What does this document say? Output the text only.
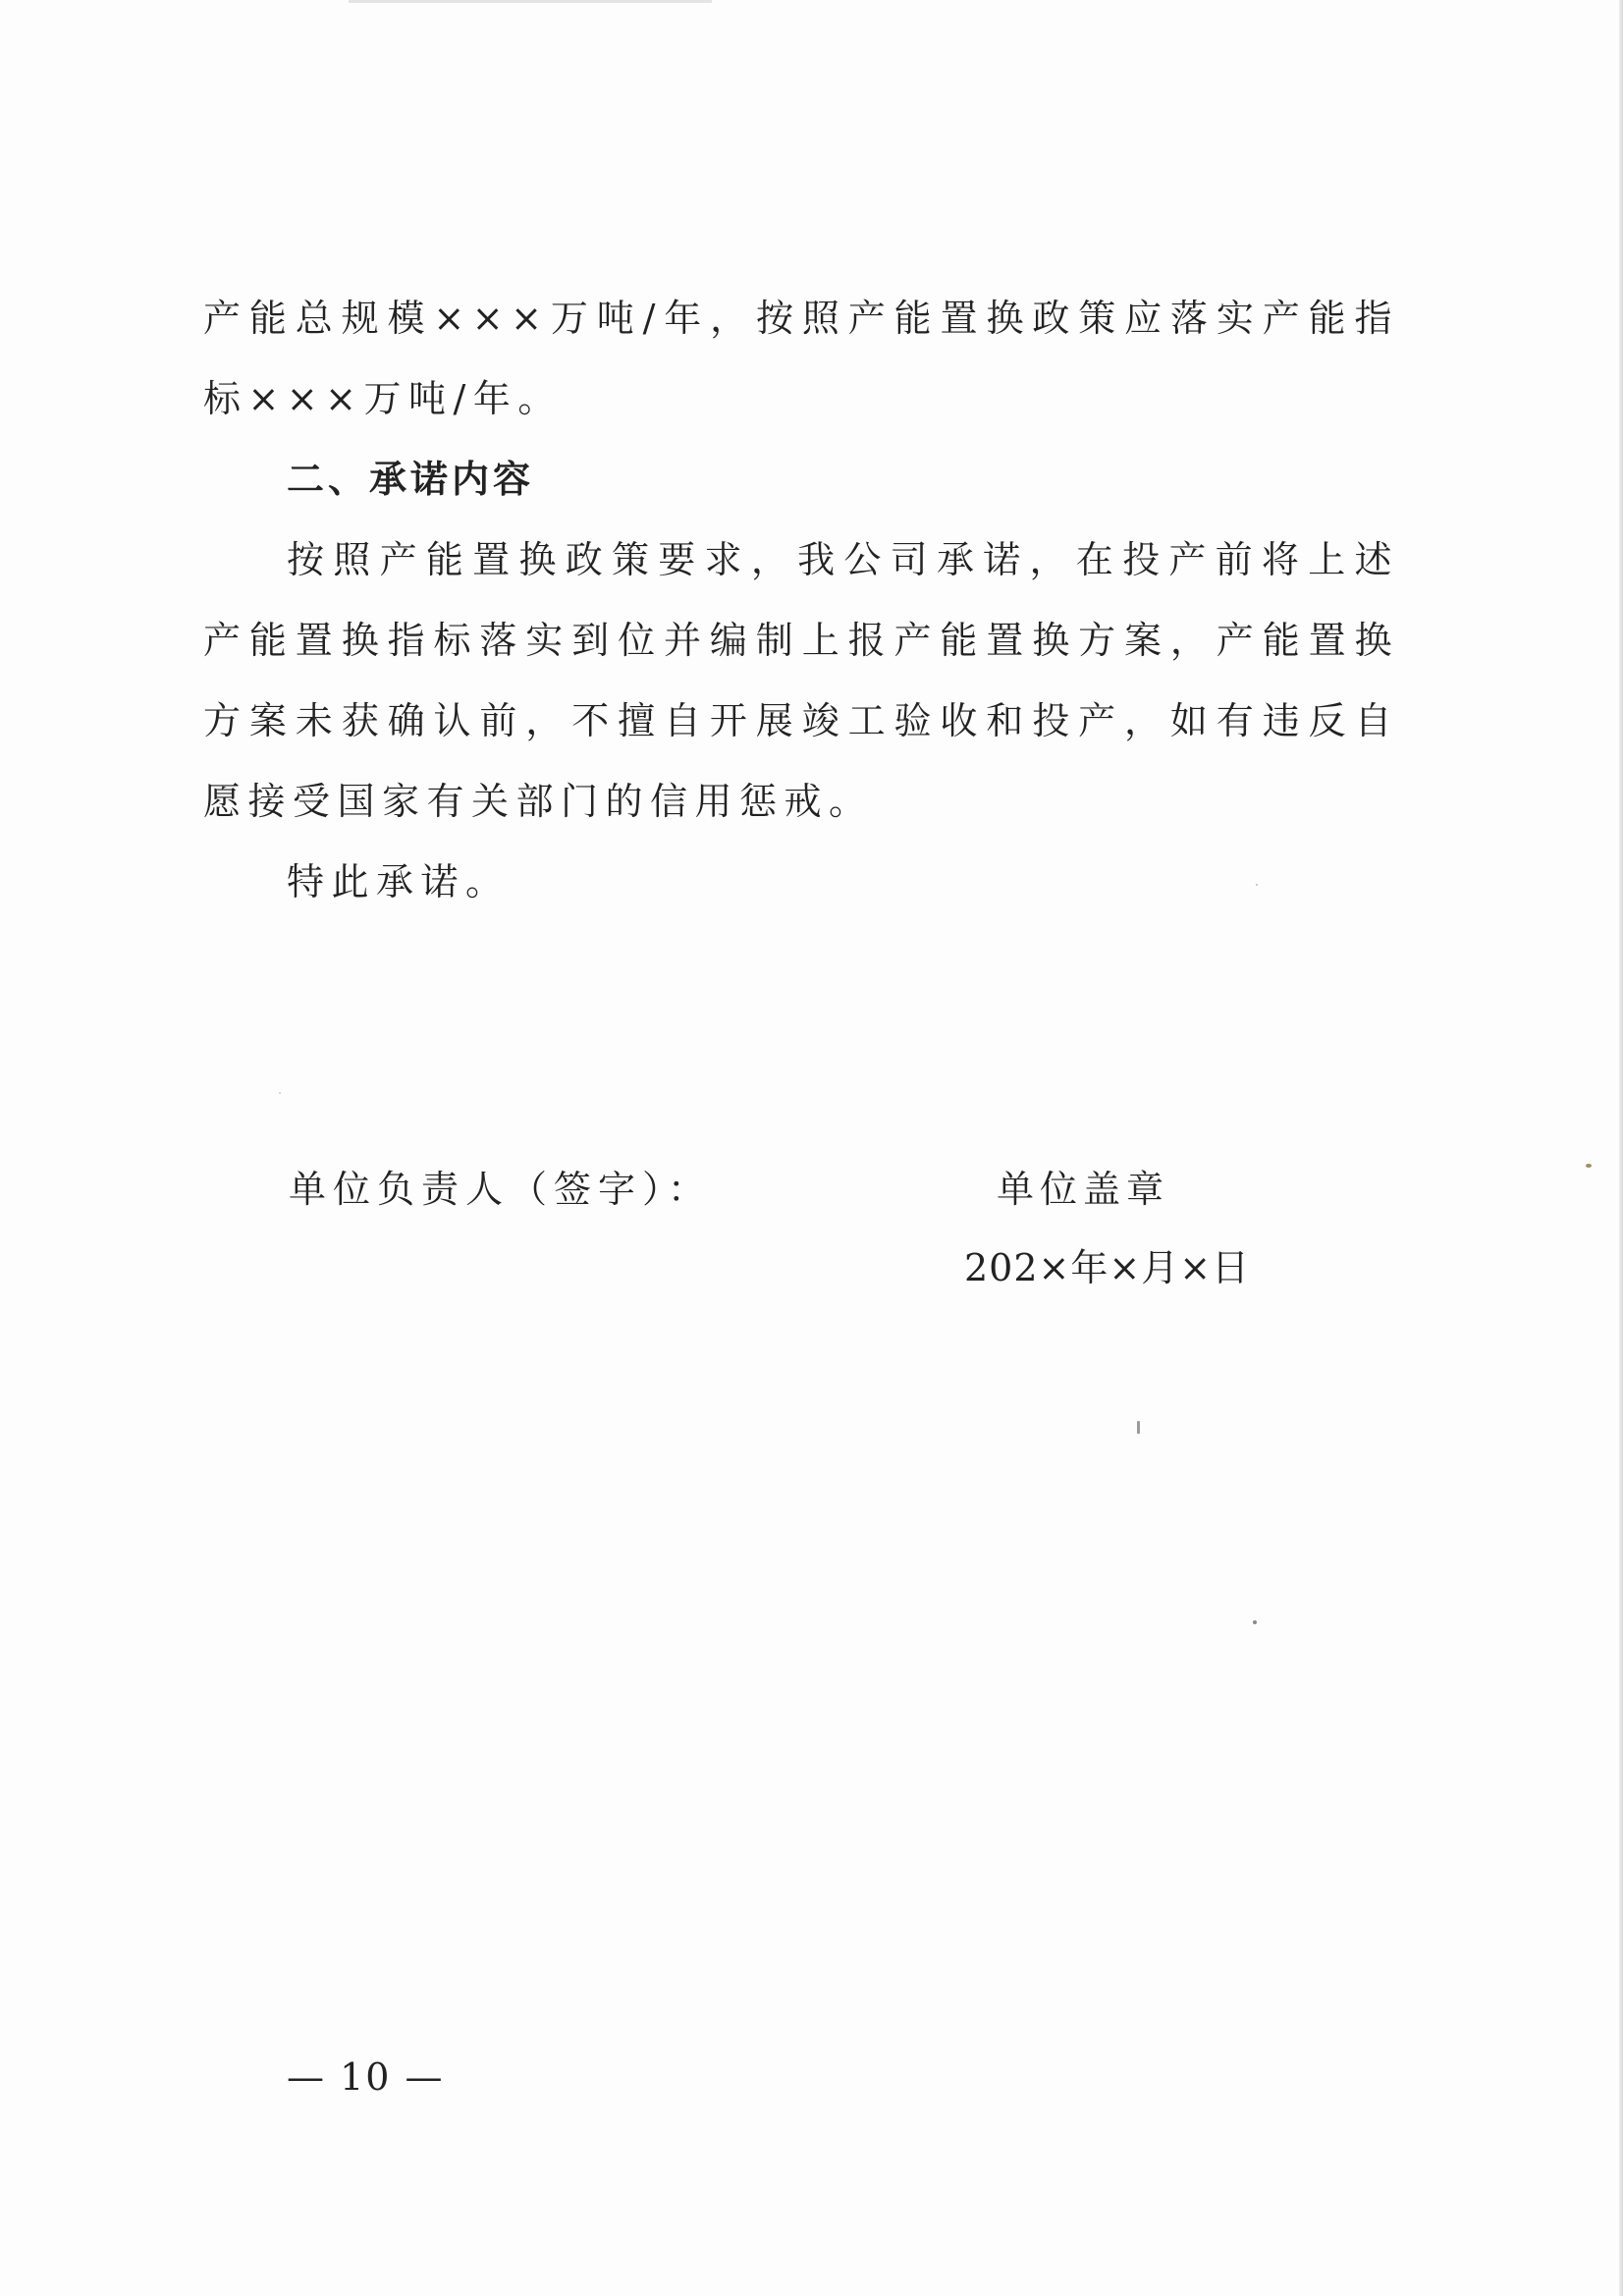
产能总规模×××万吨/年，按照产能置换政策应落实产能指标×××万吨/年。

二、承诺内容

按照产能置换政策要求，我公司承诺，在投产前将上述产能置换指标落实到位并编制上报产能置换方案，产能置换方案未获确认前，不擅自开展竣工验收和投产，如有违反自愿接受国家有关部门的信用惩戒。

特此承诺。

单位负责人（签字）：	单位盖章
202×年×月×日
— 10 —
